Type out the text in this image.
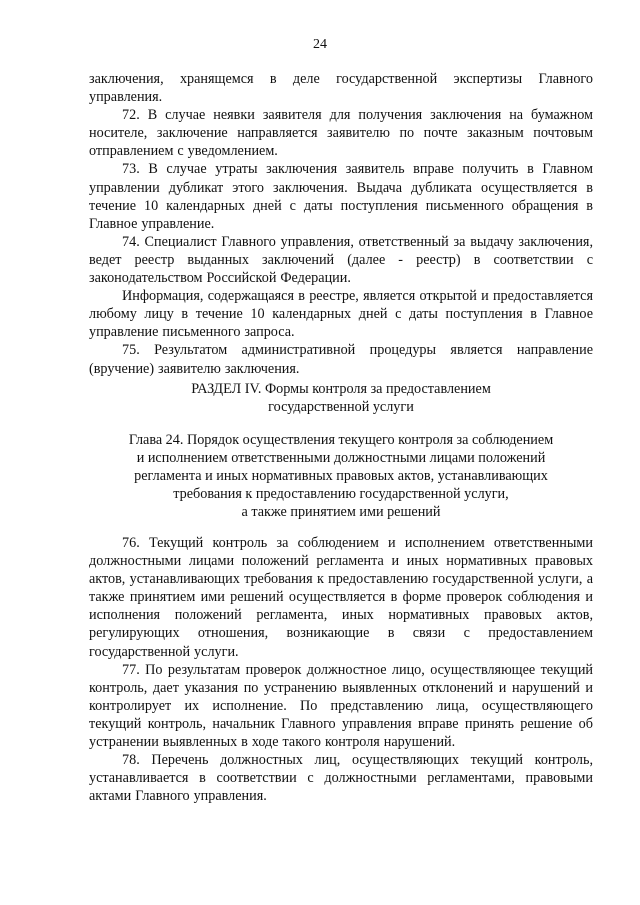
24

заключения, хранящемся в деле государственной экспертизы Главного управления.

72. В случае неявки заявителя для получения заключения на бумажном носителе, заключение направляется заявителю по почте заказным почтовым отправлением с уведомлением.

73. В случае утраты заключения заявитель вправе получить в Главном управлении дубликат этого заключения. Выдача дубликата осуществляется в течение 10 календарных дней с даты поступления письменного обращения в Главное управление.

74. Специалист Главного управления, ответственный за выдачу заключения, ведет реестр выданных заключений (далее - реестр) в соответствии с законодательством Российской Федерации.

Информация, содержащаяся в реестре, является открытой и предоставляется любому лицу в течение 10 календарных дней с даты поступления в Главное управление письменного запроса.

75. Результатом административной процедуры является направление (вручение) заявителю заключения.

РАЗДЕЛ IV. Формы контроля за предоставлением
государственной услуги
Глава 24. Порядок осуществления текущего контроля за соблюдением
и исполнением ответственными должностными лицами положений
регламента и иных нормативных правовых актов, устанавливающих
требования к предоставлению государственной услуги,
а также принятием ими решений

76. Текущий контроль за соблюдением и исполнением ответственными должностными лицами положений регламента и иных нормативных правовых актов, устанавливающих требования к предоставлению государственной услуги, а также принятием ими решений осуществляется в форме проверок соблюдения и исполнения положений регламента, иных нормативных правовых актов, регулирующих отношения, возникающие в связи с предоставлением государственной услуги.

77. По результатам проверок должностное лицо, осуществляющее текущий контроль, дает указания по устранению выявленных отклонений и нарушений и контролирует их исполнение. По представлению лица, осуществляющего текущий контроль, начальник Главного управления вправе принять решение об устранении выявленных в ходе такого контроля нарушений.

78. Перечень должностных лиц, осуществляющих текущий контроль, устанавливается в соответствии с должностными регламентами, правовыми актами Главного управления.
